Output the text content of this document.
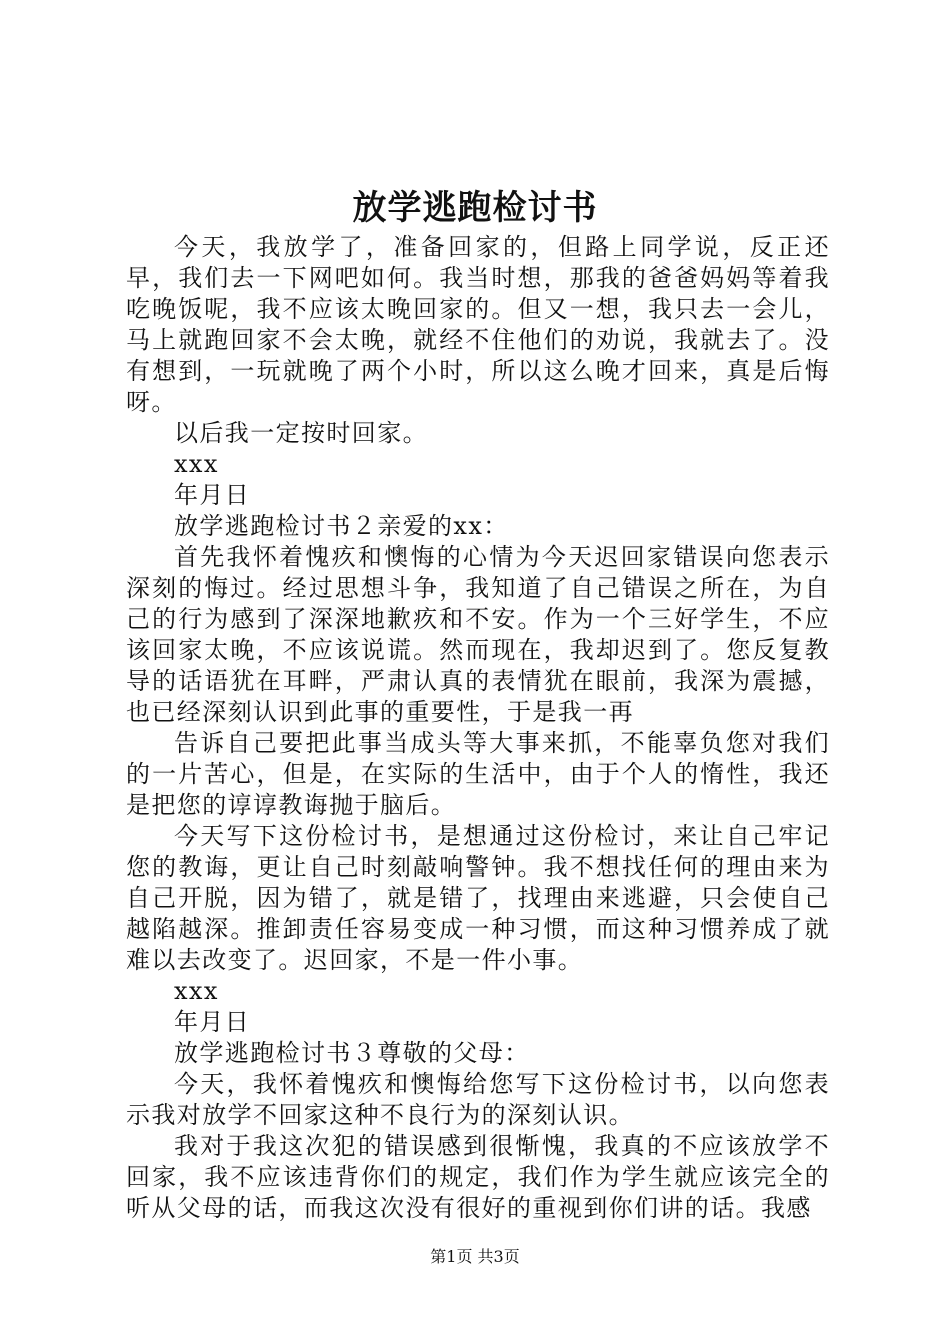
放学逃跑检讨书

今天，我放学了，准备回家的，但路上同学说，反正还早，我们去一下网吧如何。我当时想，那我的爸爸妈妈等着我吃晚饭呢，我不应该太晚回家的。但又一想，我只去一会儿，马上就跑回家不会太晚，就经不住他们的劝说，我就去了。没有想到，一玩就晚了两个小时，所以这么晚才回来，真是后悔呀。

以后我一定按时回家。

xxx

年月日

放学逃跑检讨书２亲爱的xx：

首先我怀着愧疚和懊悔的心情为今天迟回家错误向您表示深刻的悔过。经过思想斗争，我知道了自己错误之所在，为自己的行为感到了深深地歉疚和不安。作为一个三好学生，不应该回家太晚，不应该说谎。然而现在，我却迟到了。您反复教导的话语犹在耳畔，严肃认真的表情犹在眼前，我深为震撼，也已经深刻认识到此事的重要性，于是我一再

告诉自己要把此事当成头等大事来抓，不能辜负您对我们的一片苦心，但是，在实际的生活中，由于个人的惰性，我还是把您的谆谆教诲抛于脑后。

今天写下这份检讨书，是想通过这份检讨，来让自己牢记您的教诲，更让自己时刻敲响警钟。我不想找任何的理由来为自己开脱，因为错了，就是错了，找理由来逃避，只会使自己越陷越深。推卸责任容易变成一种习惯，而这种习惯养成了就难以去改变了。迟回家，不是一件小事。

xxx

年月日

放学逃跑检讨书３尊敬的父母：

今天，我怀着愧疚和懊悔给您写下这份检讨书，以向您表示我对放学不回家这种不良行为的深刻认识。

我对于我这次犯的错误感到很惭愧，我真的不应该放学不回家，我不应该违背你们的规定，我们作为学生就应该完全的听从父母的话，而我这次没有很好的重视到你们讲的话。我感

第1页 共3页
